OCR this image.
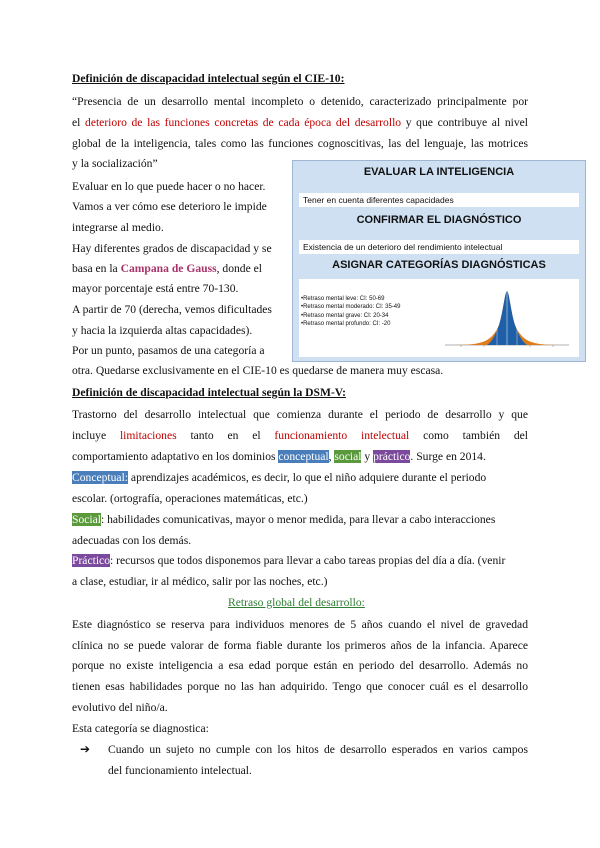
Definición de discapacidad intelectual según el CIE-10:
“Presencia de un desarrollo mental incompleto o detenido, caracterizado principalmente por
el deterioro de las funciones concretas de cada época del desarrollo y que contribuye al nivel
global de la inteligencia, tales como las funciones cognoscitivas, las del lenguaje, las motrices
y la socialización”
Evaluar en lo que puede hacer o no hacer.
Vamos a ver cómo ese deterioro le impide
integrarse al medio.
Hay diferentes grados de discapacidad y se
basa en la Campana de Gauss, donde el
mayor porcentaje está entre 70-130.
A partir de 70 (derecha, vemos dificultades
y hacia la izquierda altas capacidades).
Por un punto, pasamos de una categoría a
otra. Quedarse exclusivamente en el CIE-10 es quedarse de manera muy escasa.
EVALUAR LA INTELIGENCIA
Tener en cuenta diferentes capacidades
CONFIRMAR EL DIAGNÓSTICO
Existencia de un deterioro del rendimiento intelectual
ASIGNAR CATEGORÍAS DIAGNÓSTICAS
•Retraso mental leve: CI: 50-69
•Retraso mental moderado: CI: 35-49
•Retraso mental grave: CI: 20-34
•Retraso mental profundo: CI: -20
Definición de discapacidad intelectual según la DSM-V:
Trastorno del desarrollo intelectual que comienza durante el periodo de desarrollo y que
incluye limitaciones tanto en el funcionamiento intelectual como también del
comportamiento adaptativo en los dominios conceptual, social y práctico. Surge en 2014.
Conceptual: aprendizajes académicos, es decir, lo que el niño adquiere durante el periodo
escolar. (ortografía, operaciones matemáticas, etc.)
Social: habilidades comunicativas, mayor o menor medida, para llevar a cabo interacciones
adecuadas con los demás.
Práctico: recursos que todos disponemos para llevar a cabo tareas propias del día a día. (venir
a clase, estudiar, ir al médico, salir por las noches, etc.)
Retraso global del desarrollo:
Este diagnóstico se reserva para individuos menores de 5 años cuando el nivel de gravedad
clínica no se puede valorar de forma fiable durante los primeros años de la infancia. Aparece
porque no existe inteligencia a esa edad porque están en periodo del desarrollo. Además no
tienen esas habilidades porque no las han adquirido. Tengo que conocer cuál es el desarrollo
evolutivo del niño/a.
Esta categoría se diagnostica:
➔ Cuando un sujeto no cumple con los hitos de desarrollo esperados en varios campos
del funcionamiento intelectual.
